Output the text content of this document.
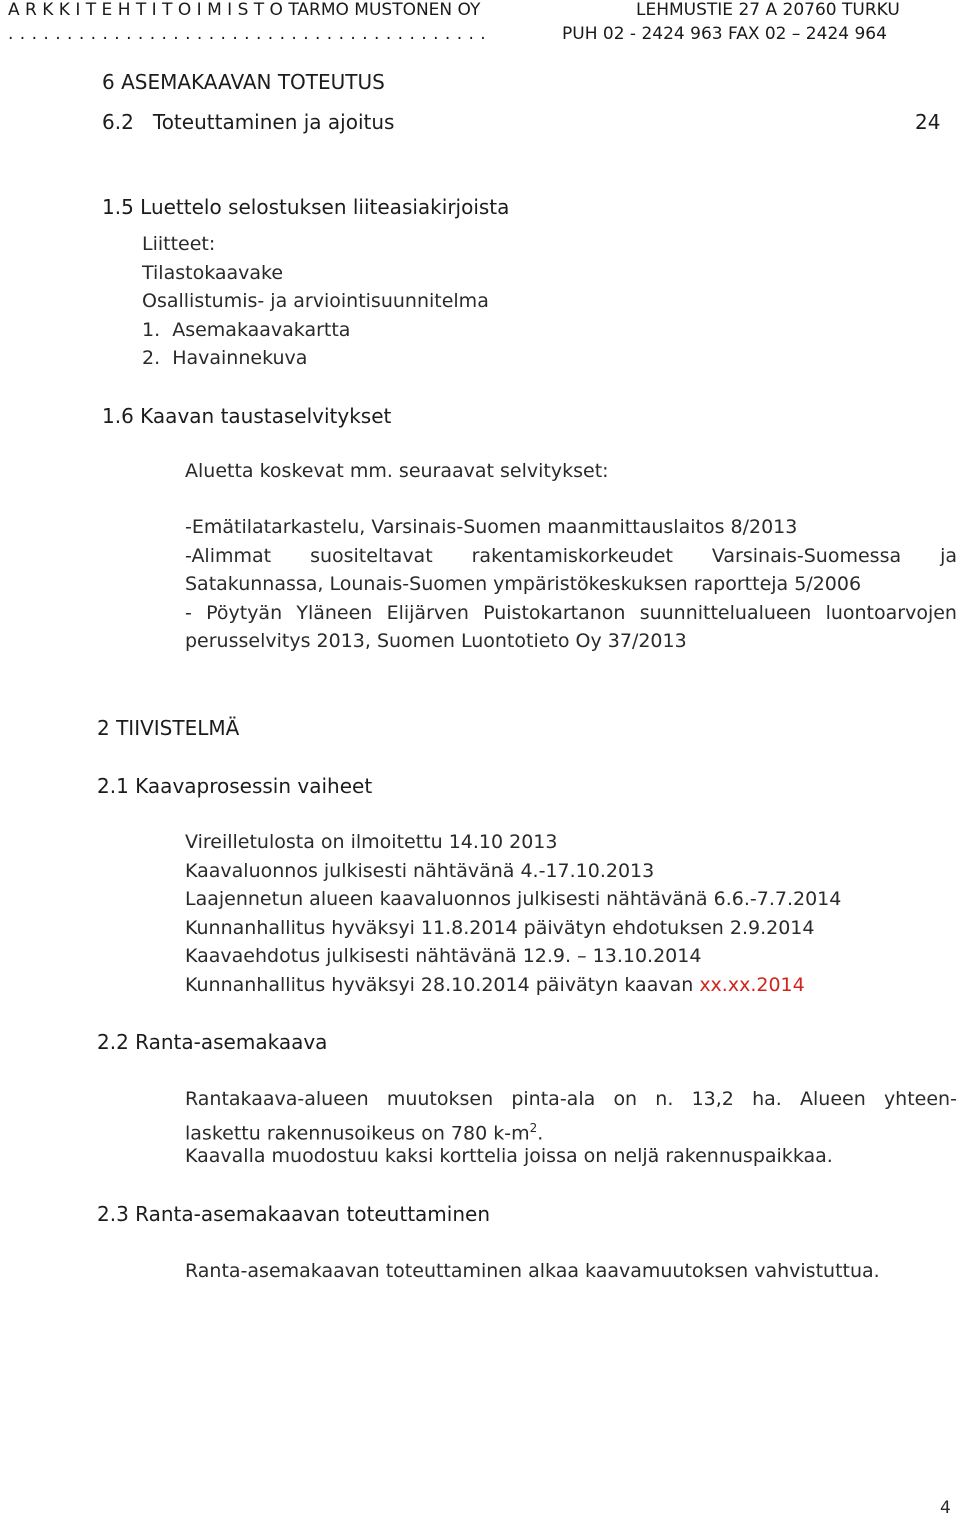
A R K K I T E H T I T O I M I S T O TARMO MUSTONEN OY
. . . . . . . . . . . . . . . . . . . . . . . . . . . . . . . . . . . . . . . . .
LEHMUSTIE 27 A 20760 TURKU
PUH 02 - 2424 963 FAX 02 – 2424 964
6 ASEMAKAAVAN TOTEUTUS
6.2   Toteuttaminen ja ajoitus	24
1.5 Luettelo selostuksen liiteasiakirjoista
Liitteet:
Tilastokaavake
Osallistumis- ja arviointisuunnitelma
1.  Asemakaavakartta
2.  Havainnekuva
1.6 Kaavan taustaselvitykset
Aluetta koskevat mm. seuraavat selvitykset:
-Emätilatarkastelu, Varsinais-Suomen maanmittauslaitos 8/2013
-Alimmat suositeltavat rakentamiskorkeudet Varsinais-Suomessa ja
Satakunnassa, Lounais-Suomen ympäristökeskuksen raportteja 5/2006
- Pöytyän Yläneen Elijärven Puistokartanon suunnittelualueen luontoarvojen
perusselvitys 2013, Suomen Luontotieto Oy 37/2013
2 TIIVISTELMÄ
2.1 Kaavaprosessin vaiheet
Vireilletulosta on ilmoitettu 14.10 2013
Kaavaluonnos julkisesti nähtävänä 4.-17.10.2013
Laajennetun alueen kaavaluonnos julkisesti nähtävänä 6.6.-7.7.2014
Kunnanhallitus hyväksyi 11.8.2014 päivätyn ehdotuksen 2.9.2014
Kaavaehdotus julkisesti nähtävänä 12.9. – 13.10.2014
Kunnanhallitus hyväksyi 28.10.2014 päivätyn kaavan xx.xx.2014
2.2 Ranta-asemakaava
Rantakaava-alueen muutoksen pinta-ala on n. 13,2 ha. Alueen yhteen-
laskettu rakennusoikeus on 780 $k-m^2$.
Kaavalla muodostuu kaksi korttelia joissa on neljä rakennuspaikkaa.
2.3 Ranta-asemakaavan toteuttaminen
Ranta-asemakaavan toteuttaminen alkaa kaavamuutoksen vahvistuttua.
4
